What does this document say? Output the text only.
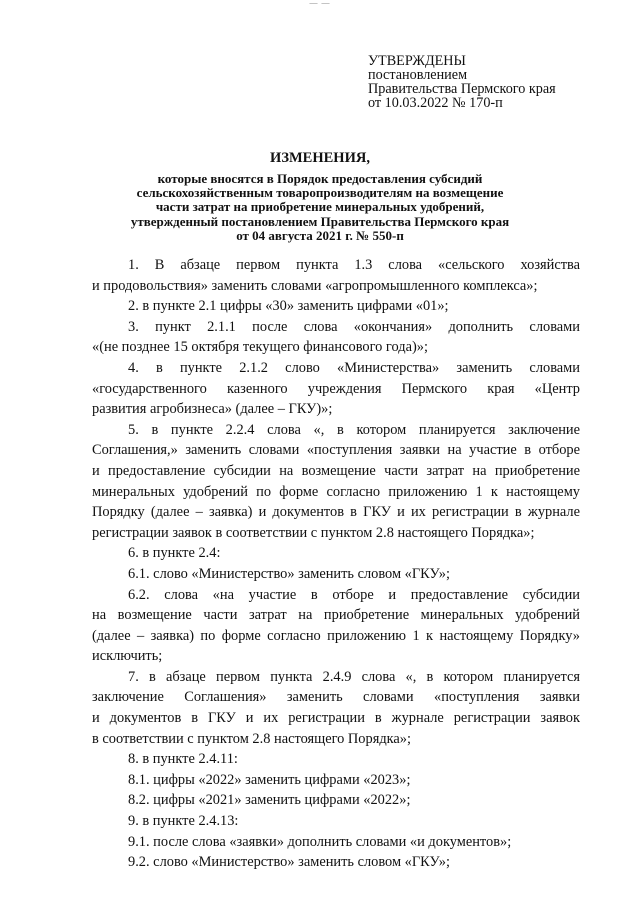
— —
УТВЕРЖДЕНЫ
постановлением
Правительства Пермского края
от 10.03.2022 № 170-п
ИЗМЕНЕНИЯ,
которые вносятся в Порядок предоставления субсидий
сельскохозяйственным товаропроизводителям на возмещение
части затрат на приобретение минеральных удобрений,
утвержденный постановлением Правительства Пермского края
от 04 августа 2021 г. № 550-п
1. В абзаце первом пункта 1.3 слова «сельского хозяйства
и продовольствия» заменить словами «агропромышленного комплекса»;
2. в пункте 2.1 цифры «30» заменить цифрами «01»;
3. пункт 2.1.1 после слова «окончания» дополнить словами
«(не позднее 15 октября текущего финансового года)»;
4. в пункте 2.1.2 слово «Министерства» заменить словами
«государственного казенного учреждения Пермского края «Центр
развития агробизнеса» (далее – ГКУ)»;
5. в пункте 2.2.4 слова «, в котором планируется заключение
Соглашения,» заменить словами «поступления заявки на участие в отборе
и предоставление субсидии на возмещение части затрат на приобретение
минеральных удобрений по форме согласно приложению 1 к настоящему
Порядку (далее – заявка) и документов в ГКУ и их регистрации в журнале
регистрации заявок в соответствии с пунктом 2.8 настоящего Порядка»;
6. в пункте 2.4:
6.1. слово «Министерство» заменить словом «ГКУ»;
6.2. слова «на участие в отборе и предоставление субсидии
на возмещение части затрат на приобретение минеральных удобрений
(далее – заявка) по форме согласно приложению 1 к настоящему Порядку»
исключить;
7. в абзаце первом пункта 2.4.9 слова «, в котором планируется
заключение Соглашения» заменить словами «поступления заявки
и документов в ГКУ и их регистрации в журнале регистрации заявок
в соответствии с пунктом 2.8 настоящего Порядка»;
8. в пункте 2.4.11:
8.1. цифры «2022» заменить цифрами «2023»;
8.2. цифры «2021» заменить цифрами «2022»;
9. в пункте 2.4.13:
9.1. после слова «заявки» дополнить словами «и документов»;
9.2. слово «Министерство» заменить словом «ГКУ»;
